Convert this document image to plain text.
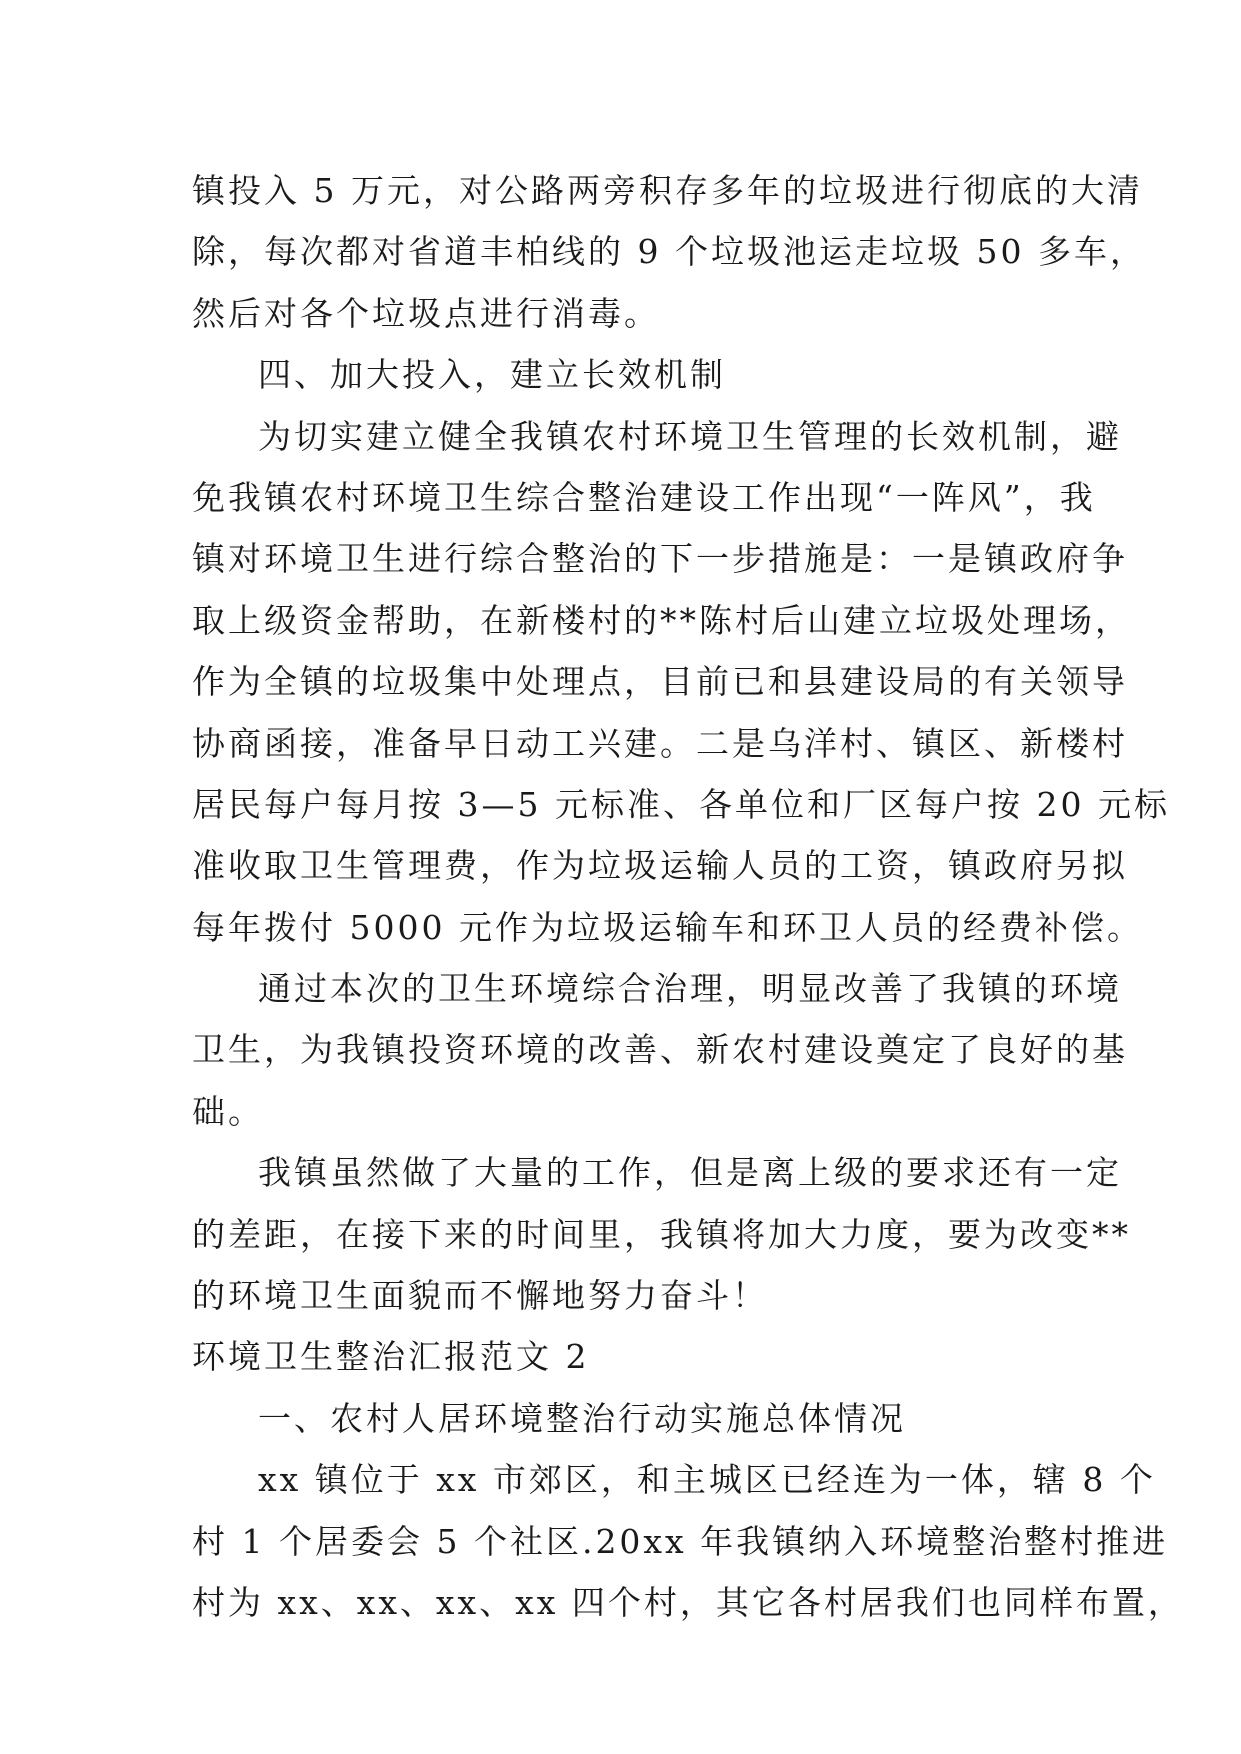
镇投入 5 万元，对公路两旁积存多年的垃圾进行彻底的大清
除，每次都对省道丰柏线的 9 个垃圾池运走垃圾 50 多车，
然后对各个垃圾点进行消毒。
四、加大投入，建立长效机制
为切实建立健全我镇农村环境卫生管理的长效机制，避
免我镇农村环境卫生综合整治建设工作出现“一阵风”，我
镇对环境卫生进行综合整治的下一步措施是：一是镇政府争
取上级资金帮助，在新楼村的**陈村后山建立垃圾处理场，
作为全镇的垃圾集中处理点，目前已和县建设局的有关领导
协商函接，准备早日动工兴建。二是乌洋村、镇区、新楼村
居民每户每月按 3—5 元标准、各单位和厂区每户按 20 元标
准收取卫生管理费，作为垃圾运输人员的工资，镇政府另拟
每年拨付 5000 元作为垃圾运输车和环卫人员的经费补偿。
通过本次的卫生环境综合治理，明显改善了我镇的环境
卫生，为我镇投资环境的改善、新农村建设奠定了良好的基
础。
我镇虽然做了大量的工作，但是离上级的要求还有一定
的差距，在接下来的时间里，我镇将加大力度，要为改变**
的环境卫生面貌而不懈地努力奋斗！
环境卫生整治汇报范文 2
一、农村人居环境整治行动实施总体情况
xx 镇位于 xx 市郊区，和主城区已经连为一体，辖 8 个
村 1 个居委会 5 个社区.20xx 年我镇纳入环境整治整村推进
村为 xx、xx、xx、xx 四个村，其它各村居我们也同样布置，
